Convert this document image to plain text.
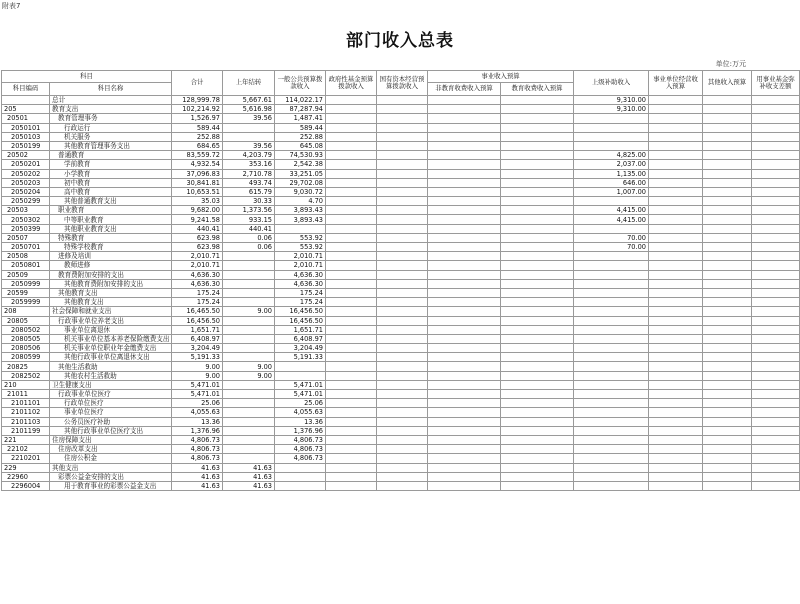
附表7
部门收入总表
单位:万元
科目		合计	上年结转	一般公共预算拨款收入	政府性基金预算拨款收入	国有资本经营预算拨款收入	事业收入预算		上级补助收入	事业单位经营收入预算	其他收入预算	用事业基金弥补收支差额
科目编码	科目名称						非教育收费收入预算	教育收费收入预算				
	总计	128,999.78	5,667.61	114,022.17					9,310.00			
205	教育支出	102,214.92	5,616.98	87,287.94					9,310.00			
20501	教育管理事务	1,526.97	39.56	1,487.41								
2050101	行政运行	589.44		589.44								
2050103	机关服务	252.88		252.88								
2050199	其他教育管理事务支出	684.65	39.56	645.08								
20502	普通教育	83,559.72	4,203.79	74,530.93					4,825.00			
2050201	学前教育	4,932.54	353.16	2,542.38					2,037.00			
2050202	小学教育	37,096.83	2,710.78	33,251.05					1,135.00			
2050203	初中教育	30,841.81	493.74	29,702.08					646.00			
2050204	高中教育	10,653.51	615.79	9,030.72					1,007.00			
2050299	其他普通教育支出	35.03	30.33	4.70								
20503	职业教育	9,682.00	1,373.56	3,893.43					4,415.00			
2050302	中等职业教育	9,241.58	933.15	3,893.43					4,415.00			
2050399	其他职业教育支出	440.41	440.41									
20507	特殊教育	623.98	0.06	553.92					70.00			
2050701	特殊学校教育	623.98	0.06	553.92					70.00			
20508	进修及培训	2,010.71		2,010.71								
2050801	教师进修	2,010.71		2,010.71								
20509	教育费附加安排的支出	4,636.30		4,636.30								
2050999	其他教育费附加安排的支出	4,636.30		4,636.30								
20599	其他教育支出	175.24		175.24								
2059999	其他教育支出	175.24		175.24								
208	社会保障和就业支出	16,465.50	9.00	16,456.50								
20805	行政事业单位养老支出	16,456.50		16,456.50								
2080502	事业单位离退休	1,651.71		1,651.71								
2080505	机关事业单位基本养老保险缴费支出	6,408.97		6,408.97								
2080506	机关事业单位职业年金缴费支出	3,204.49		3,204.49								
2080599	其他行政事业单位离退休支出	5,191.33		5,191.33								
20825	其他生活救助	9.00	9.00									
2082502	其他农村生活救助	9.00	9.00									
210	卫生健康支出	5,471.01		5,471.01								
21011	行政事业单位医疗	5,471.01		5,471.01								
2101101	行政单位医疗	25.06		25.06								
2101102	事业单位医疗	4,055.63		4,055.63								
2101103	公务员医疗补助	13.36		13.36								
2101199	其他行政事业单位医疗支出	1,376.96		1,376.96								
221	住房保障支出	4,806.73		4,806.73								
22102	住房改革支出	4,806.73		4,806.73								
2210201	住房公积金	4,806.73		4,806.73								
229	其他支出	41.63	41.63									
22960	彩票公益金安排的支出	41.63	41.63									
2296004	用于教育事业的彩票公益金支出	41.63	41.63									
